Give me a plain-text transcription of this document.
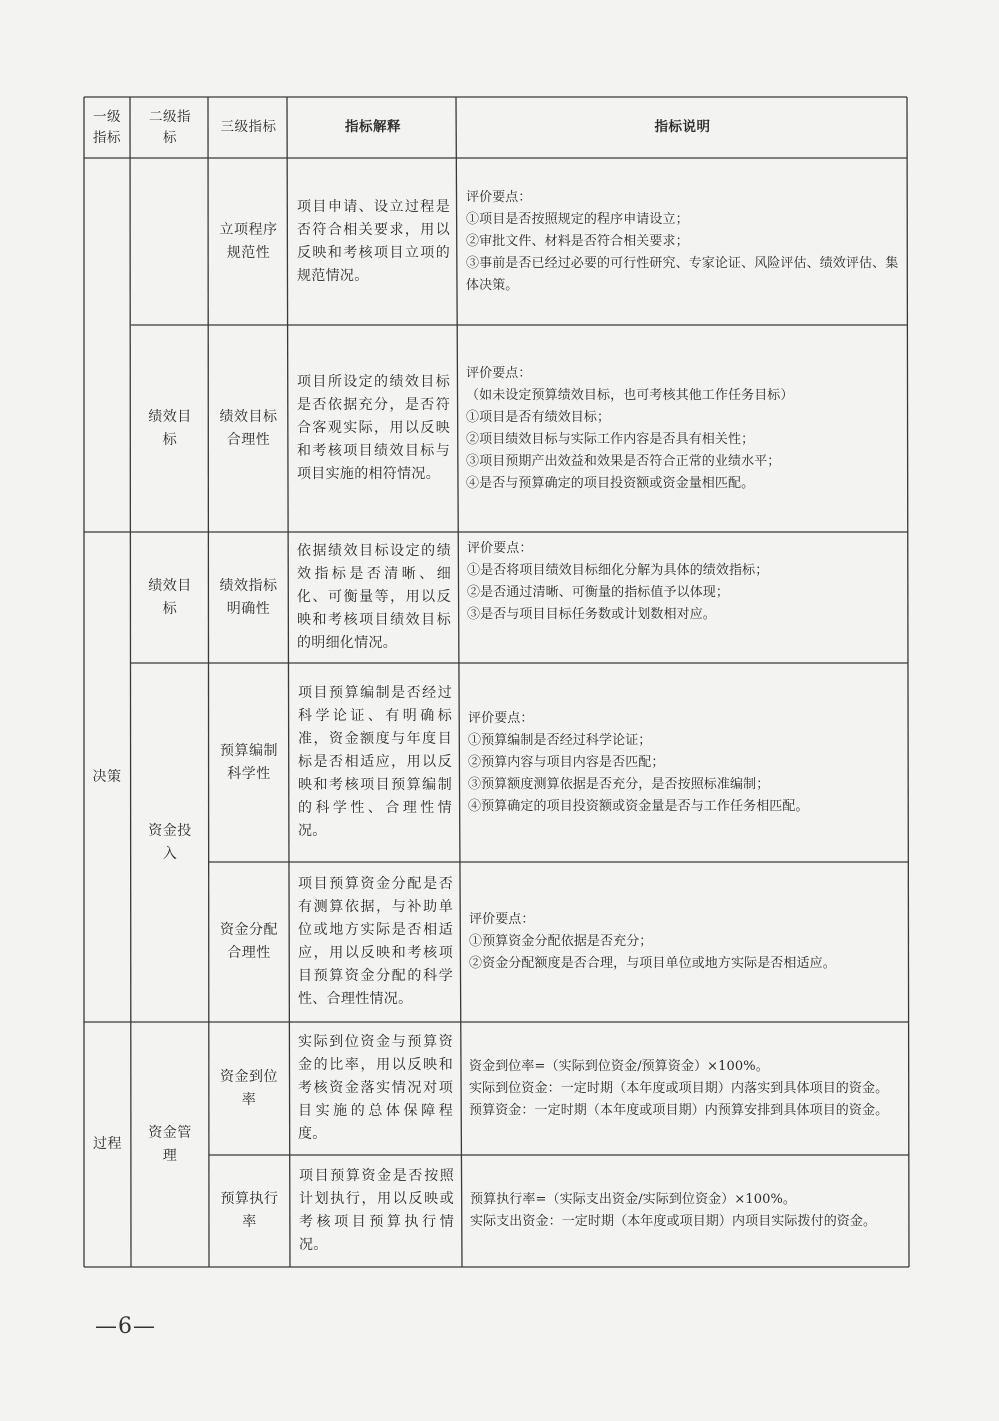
一级指标
二级指标
三级指标	指标解释	指标说明
决策
过程
绩效目标
绩效目标
资金投入
资金管理
立项程序规范性
项目申请、设立过程是否符合相关要求，用以反映和考核项目立项的规范情况。
评价要点：
①项目是否按照规定的程序申请设立；
②审批文件、材料是否符合相关要求；
③事前是否已经过必要的可行性研究、专家论证、风险评估、绩效评估、集体决策。
绩效目标合理性
项目所设定的绩效目标是否依据充分，是否符合客观实际，用以反映和考核项目绩效目标与项目实施的相符情况。
评价要点：
（如未设定预算绩效目标，也可考核其他工作任务目标）
①项目是否有绩效目标；
②项目绩效目标与实际工作内容是否具有相关性；
③项目预期产出效益和效果是否符合正常的业绩水平；
④是否与预算确定的项目投资额或资金量相匹配。
绩效指标明确性
依据绩效目标设定的绩效指标是否清晰、细化、可衡量等，用以反映和考核项目绩效目标的明细化情况。
评价要点：
①是否将项目绩效目标细化分解为具体的绩效指标；
②是否通过清晰、可衡量的指标值予以体现；
③是否与项目目标任务数或计划数相对应。
预算编制科学性
项目预算编制是否经过科学论证、有明确标准，资金额度与年度目标是否相适应，用以反映和考核项目预算编制的科学性、合理性情况。
评价要点：
①预算编制是否经过科学论证；
②预算内容与项目内容是否匹配；
③预算额度测算依据是否充分，是否按照标准编制；
④预算确定的项目投资额或资金量是否与工作任务相匹配。
资金分配合理性
项目预算资金分配是否有测算依据，与补助单位或地方实际是否相适应，用以反映和考核项目预算资金分配的科学性、合理性情况。
评价要点：
①预算资金分配依据是否充分；
②资金分配额度是否合理，与项目单位或地方实际是否相适应。
资金到位率
实际到位资金与预算资金的比率，用以反映和考核资金落实情况对项目实施的总体保障程度。
资金到位率=（实际到位资金/预算资金）×100%。
实际到位资金：一定时期（本年度或项目期）内落实到具体项目的资金。
预算资金：一定时期（本年度或项目期）内预算安排到具体项目的资金。
预算执行率
项目预算资金是否按照计划执行，用以反映或考核项目预算执行情况。
预算执行率=（实际支出资金/实际到位资金）×100%。
实际支出资金：一定时期（本年度或项目期）内项目实际拨付的资金。
—6—
